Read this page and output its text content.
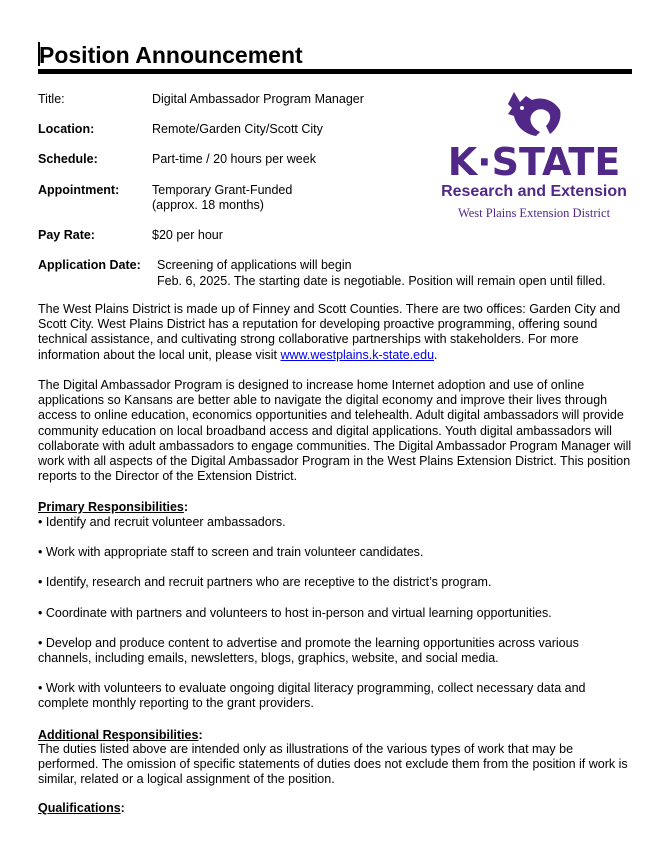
Position Announcement
Title:	Digital Ambassador Program Manager
Location:	Remote/Garden City/Scott City
Schedule:	Part-time / 20 hours per week
Appointment:	Temporary Grant-Funded
(approx. 18 months)
Pay Rate:	$20 per hour
Application Date: Screening of applications will begin
Feb. 6, 2025. The starting date is negotiable. Position will remain open until filled.
K·STATE
Research and Extension
West Plains Extension District
The West Plains District is made up of Finney and Scott Counties. There are two offices: Garden City and Scott City. West Plains District has a reputation for developing proactive programming, offering sound technical assistance, and cultivating strong collaborative partnerships with stakeholders. For more information about the local unit, please visit www.westplains.k-state.edu.
The Digital Ambassador Program is designed to increase home Internet adoption and use of online applications so Kansans are better able to navigate the digital economy and improve their lives through access to online education, economics opportunities and telehealth. Adult digital ambassadors will provide community education on local broadband access and digital applications. Youth digital ambassadors will collaborate with adult ambassadors to engage communities. The Digital Ambassador Program Manager will work with all aspects of the Digital Ambassador Program in the West Plains Extension District. This position reports to the Director of the Extension District.
Primary Responsibilities:
• Identify and recruit volunteer ambassadors.
• Work with appropriate staff to screen and train volunteer candidates.
• Identify, research and recruit partners who are receptive to the district’s program.
• Coordinate with partners and volunteers to host in-person and virtual learning opportunities.
• Develop and produce content to advertise and promote the learning opportunities across various channels, including emails, newsletters, blogs, graphics, website, and social media.
• Work with volunteers to evaluate ongoing digital literacy programming, collect necessary data and complete monthly reporting to the grant providers.
Additional Responsibilities:
The duties listed above are intended only as illustrations of the various types of work that may be performed. The omission of specific statements of duties does not exclude them from the position if work is similar, related or a logical assignment of the position.
Qualifications:
